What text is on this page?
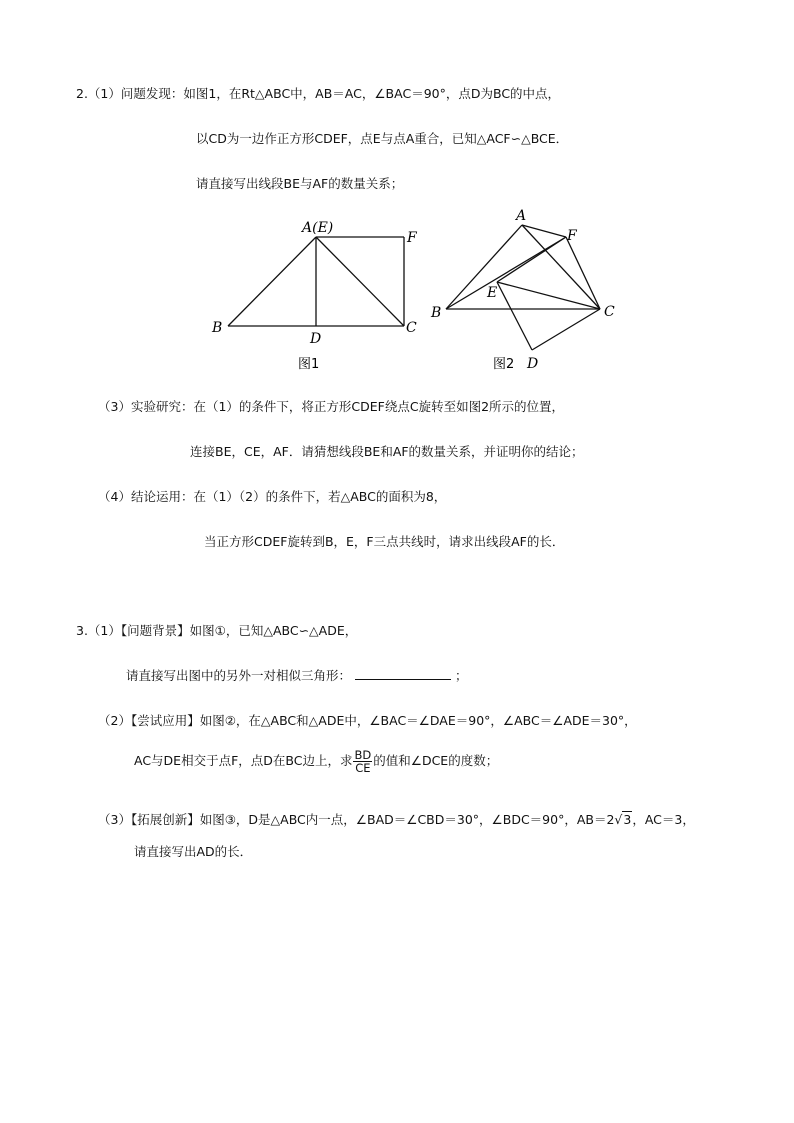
2.（1）问题发现：如图1，在Rt△ABC中，AB＝AC，∠BAC＝90°，点D为BC的中点，
以CD为一边作正方形CDEF，点E与点A重合，已知△ACF∽△BCE．
请直接写出线段BE与AF的数量关系；
A(E)
B	C
D
F
图1
A
B	C
D
E
F
图2
（3）实验研究：在（1）的条件下，将正方形CDEF绕点C旋转至如图2所示的位置，
连接BE，CE，AF．请猜想线段BE和AF的数量关系，并证明你的结论；
（4）结论运用：在（1）（2）的条件下，若△ABC的面积为8，
当正方形CDEF旋转到B，E，F三点共线时，请求出线段AF的长．
3.（1）【问题背景】如图①，已知△ABC∽△ADE，
请直接写出图中的另外一对相似三角形：	；
（2）【尝试应用】如图②，在△ABC和△ADE中，∠BAC＝∠DAE＝90°，∠ABC＝∠ADE＝30°，
AC与DE相交于点F，点D在BC边上，求 $\frac{BD}{CE}$ 的值和∠DCE的度数；
（3）【拓展创新】如图③，D是△ABC内一点，∠BAD＝∠CBD＝30°，∠BDC＝90°，AB＝2√3，AC＝3，
请直接写出AD的长．
